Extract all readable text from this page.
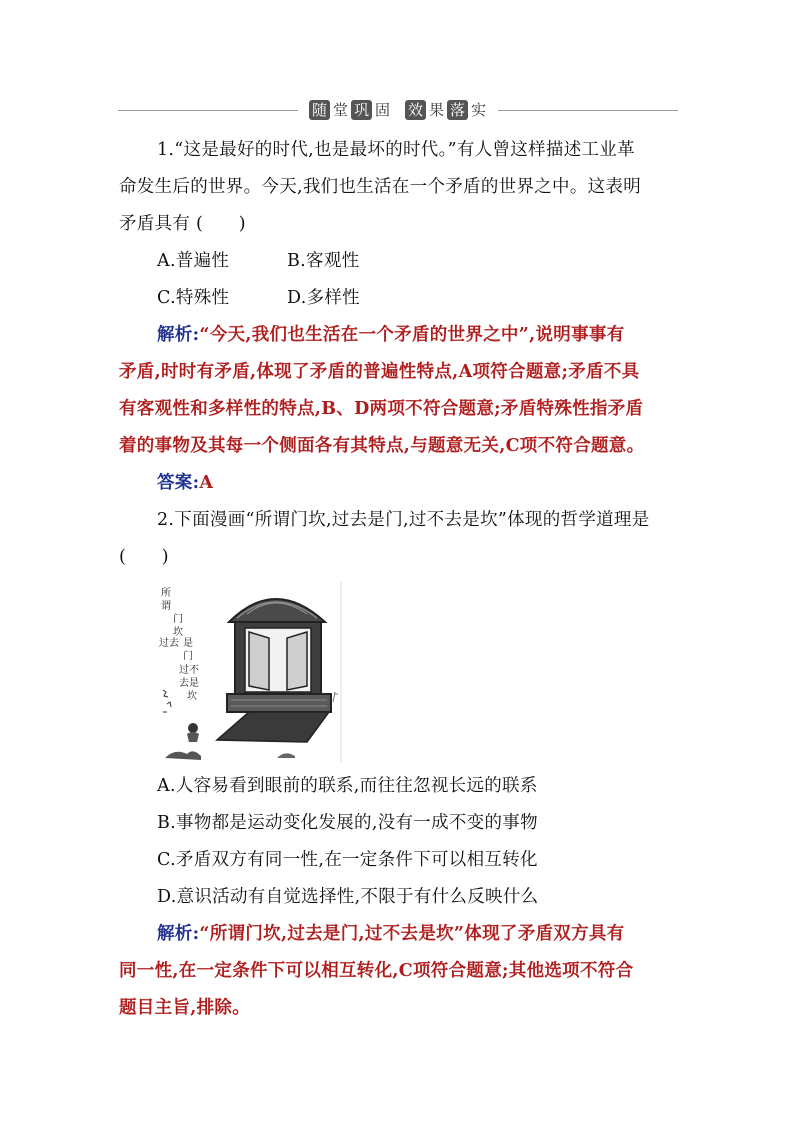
随 堂 巩 固 效 果 落 实

1.“这是最好的时代,也是最坏的时代。”有人曾这样描述工业革

命发生后的世界。今天,我们也生活在一个矛盾的世界之中。这表明

矛盾具有 (　　)

A.普遍性	B.客观性

C.特殊性	D.多样性

解析:“今天,我们也生活在一个矛盾的世界之中”,说明事事有

矛盾,时时有矛盾,体现了矛盾的普遍性特点,A项符合题意;矛盾不具

有客观性和多样性的特点,B、D两项不符合题意;矛盾特殊性指矛盾

着的事物及其每一个侧面各有其特点,与题意无关,C项不符合题意。

答案:A

2.下面漫画“所谓门坎,过去是门,过不去是坎”体现的哲学道理是

(　　)

所
谓
门
坎
过去 是
门
过不
去是
坎

A.人容易看到眼前的联系,而往往忽视长远的联系

B.事物都是运动变化发展的,没有一成不变的事物

C.矛盾双方有同一性,在一定条件下可以相互转化

D.意识活动有自觉选择性,不限于有什么反映什么

解析:“所谓门坎,过去是门,过不去是坎”体现了矛盾双方具有

同一性,在一定条件下可以相互转化,C项符合题意;其他选项不符合

题目主旨,排除。
